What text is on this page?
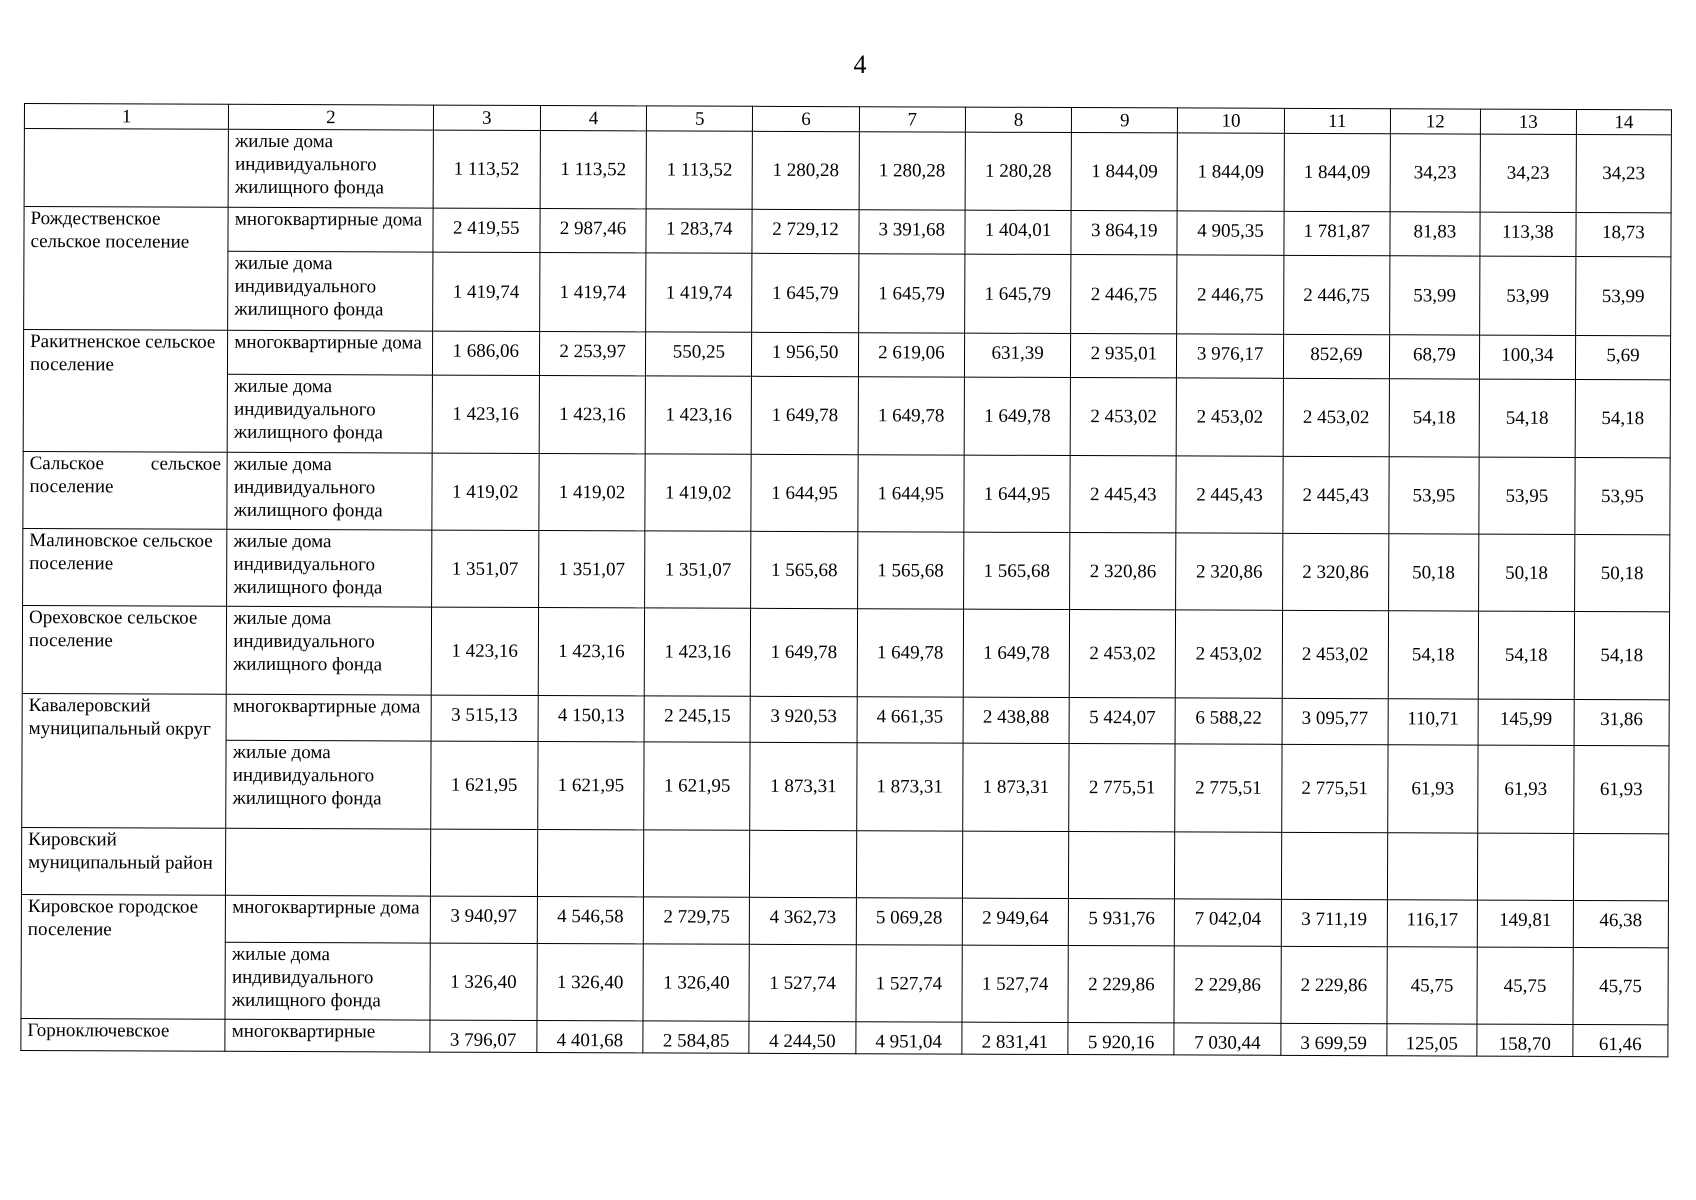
4
1	2	3	4	5	6	7	8	9	10	11	12	13	14
	жилые дома индивидуального жилищного фонда	1 113,52	1 113,52	1 113,52	1 280,28	1 280,28	1 280,28	1 844,09	1 844,09	1 844,09	34,23	34,23	34,23
Рождественское сельское поселение	многоквартирные дома	2 419,55	2 987,46	1 283,74	2 729,12	3 391,68	1 404,01	3 864,19	4 905,35	1 781,87	81,83	113,38	18,73
	жилые дома индивидуального жилищного фонда	1 419,74	1 419,74	1 419,74	1 645,79	1 645,79	1 645,79	2 446,75	2 446,75	2 446,75	53,99	53,99	53,99
Ракитненское сельское поселение	многоквартирные дома	1 686,06	2 253,97	550,25	1 956,50	2 619,06	631,39	2 935,01	3 976,17	852,69	68,79	100,34	5,69
	жилые дома индивидуального жилищного фонда	1 423,16	1 423,16	1 423,16	1 649,78	1 649,78	1 649,78	2 453,02	2 453,02	2 453,02	54,18	54,18	54,18
Сальское сельское поселение	жилые дома индивидуального жилищного фонда	1 419,02	1 419,02	1 419,02	1 644,95	1 644,95	1 644,95	2 445,43	2 445,43	2 445,43	53,95	53,95	53,95
Малиновское сельское поселение	жилые дома индивидуального жилищного фонда	1 351,07	1 351,07	1 351,07	1 565,68	1 565,68	1 565,68	2 320,86	2 320,86	2 320,86	50,18	50,18	50,18
Ореховское сельское поселение	жилые дома индивидуального жилищного фонда	1 423,16	1 423,16	1 423,16	1 649,78	1 649,78	1 649,78	2 453,02	2 453,02	2 453,02	54,18	54,18	54,18
Кавалеровский муниципальный округ	многоквартирные дома	3 515,13	4 150,13	2 245,15	3 920,53	4 661,35	2 438,88	5 424,07	6 588,22	3 095,77	110,71	145,99	31,86
	жилые дома индивидуального жилищного фонда	1 621,95	1 621,95	1 621,95	1 873,31	1 873,31	1 873,31	2 775,51	2 775,51	2 775,51	61,93	61,93	61,93
Кировский муниципальный район													
Кировское городское поселение	многоквартирные дома	3 940,97	4 546,58	2 729,75	4 362,73	5 069,28	2 949,64	5 931,76	7 042,04	3 711,19	116,17	149,81	46,38
	жилые дома индивидуального жилищного фонда	1 326,40	1 326,40	1 326,40	1 527,74	1 527,74	1 527,74	2 229,86	2 229,86	2 229,86	45,75	45,75	45,75
Горноключевское	многоквартирные	3 796,07	4 401,68	2 584,85	4 244,50	4 951,04	2 831,41	5 920,16	7 030,44	3 699,59	125,05	158,70	61,46
